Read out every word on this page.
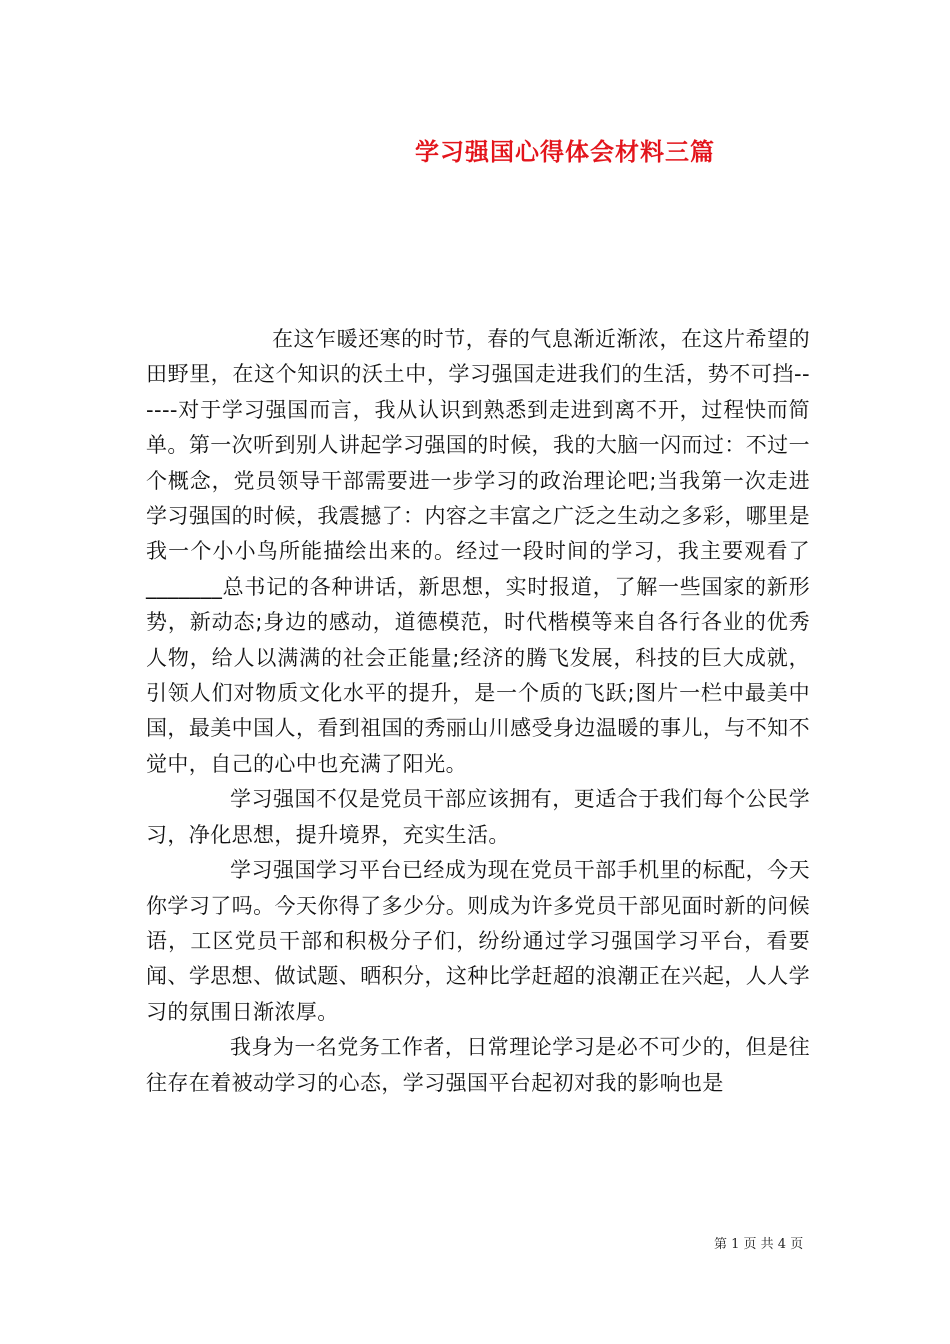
学习强国心得体会材料三篇

在这乍暖还寒的时节，春的气息渐近渐浓，在这片希望的田野里，在这个知识的沃土中，学习强国走进我们的生活，势不可挡------对于学习强国而言，我从认识到熟悉到走进到离不开，过程快而简单。第一次听到别人讲起学习强国的时候，我的大脑一闪而过：不过一个概念，党员领导干部需要进一步学习的政治理论吧;当我第一次走进学习强国的时候，我震撼了：内容之丰富之广泛之生动之多彩，哪里是我一个小小鸟所能描绘出来的。经过一段时间的学习，我主要观看了_______总书记的各种讲话，新思想，实时报道，了解一些国家的新形势，新动态;身边的感动，道德模范，时代楷模等来自各行各业的优秀人物，给人以满满的社会正能量;经济的腾飞发展，科技的巨大成就，引领人们对物质文化水平的提升，是一个质的飞跃;图片一栏中最美中国，最美中国人，看到祖国的秀丽山川感受身边温暖的事儿，与不知不觉中，自己的心中也充满了阳光。

学习强国不仅是党员干部应该拥有，更适合于我们每个公民学习，净化思想，提升境界，充实生活。

学习强国学习平台已经成为现在党员干部手机里的标配，今天你学习了吗。今天你得了多少分。则成为许多党员干部见面时新的问候语，工区党员干部和积极分子们，纷纷通过学习强国学习平台，看要闻、学思想、做试题、晒积分，这种比学赶超的浪潮正在兴起，人人学习的氛围日渐浓厚。

我身为一名党务工作者，日常理论学习是必不可少的，但是往往存在着被动学习的心态，学习强国平台起初对我的影响也是

第 1 页 共 4 页
